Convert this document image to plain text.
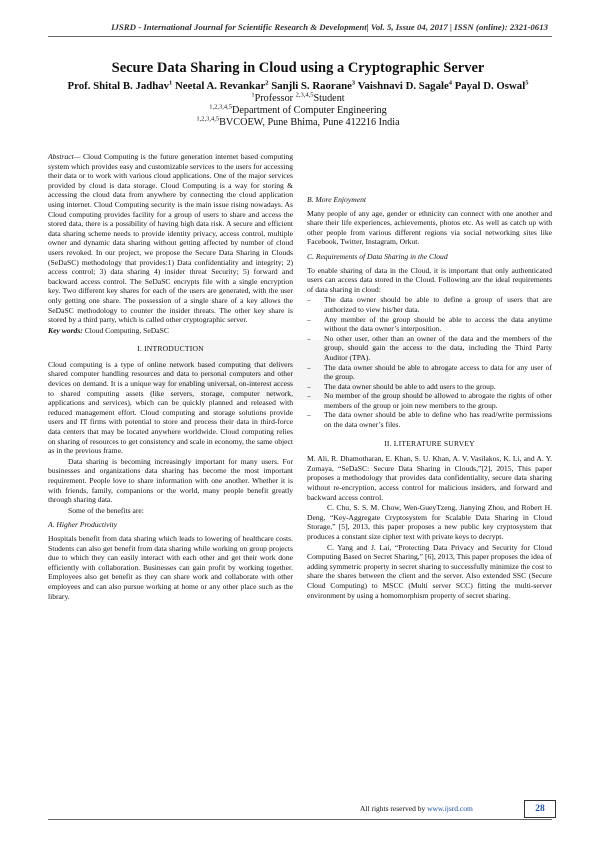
IJSRD - International Journal for Scientific Research & Development| Vol. 5, Issue 04, 2017 | ISSN (online): 2321-0613
Secure Data Sharing in Cloud using a Cryptographic Server

Prof. Shital B. Jadhav$^1$ Neetal A. Revankar$^2$ Sanjli S. Raorane$^3$ Vaishnavi D. Sagale$^4$ Payal D. Oswal$^5$

$^1$Professor $^{2,3,4,5}$Student

$^{1,2,3,4,5}$Department of Computer Engineering

$^{1,2,3,4,5}$BVCOEW, Pune Bhima, Pune 412216 India

Abstract— Cloud Computing is the future generation internet based computing system which provides easy and customizable services to the users for accessing their data or to work with various cloud applications. One of the major services provided by cloud is data storage. Cloud Computing is a way for storing & accessing the cloud data from anywhere by connecting the cloud application using internet. Cloud Computing security is the main issue rising nowadays. As Cloud computing provides facility for a group of users to share and access the stored data, there is a possibility of having high data risk. A secure and efficient data sharing scheme needs to provide identity privacy, access control, multiple owner and dynamic data sharing without getting affected by number of cloud users revoked. In our project, we propose the Secure Data Sharing in Clouds (SeDaSC) methodology that provides:1) Data confidentiality and integrity; 2) access control; 3) data sharing 4) insider threat Security; 5) forward and backward access control. The SeDaSC encrypts file with a single encryption key. Two different key shares for each of the users are generated, with the user only getting one share. The possession of a single share of a key allows the SeDaSC methodology to counter the insider threats. The other key share is stored by a third party, which is called other cryptographic server.

Key words: Cloud Computing, SeDaSC

I. INTRODUCTION

Cloud computing is a type of online network based computing that delivers shared computer handling resources and data to personal computers and other devices on demand. It is a unique way for enabling universal, on-interest access to shared computing assets (like servers, storage, computer network, applications and services), which can be quickly planned and released with reduced management effort. Cloud computing and storage solutions provide users and IT firms with potential to store and process their data in third-force data centers that may be located anywhere worldwide. Cloud computing relies on sharing of resources to get consistency and scale in economy, the same object as in the previous frame.

Data sharing is becoming increasingly important for many users. For businesses and organizations data sharing has become the most important requirement. People love to share information with one another. Whether it is with friends, family, companions or the world, many people benefit greatly through sharing data.

Some of the benefits are:

A. Higher Productivity

Hospitals benefit from data sharing which leads to lowering of healthcare costs. Students can also get benefit from data sharing while working on group projects due to which they can easily interact with each other and get their work done efficiently with collaboration. Businesses can gain profit by working together. Employees also get benefit as they can share work and collaborate with other employees and can also pursue working at home or any other place such as the library.

B. More Enjoyment

Many people of any age, gender or ethnicity can connect with one another and share their life experiences, achievements, photos etc. As well as catch up with other people from various different regions via social networking sites like Facebook, Twitter, Instagram, Orkut.

C. Requirements of Data Sharing in the Cloud

To enable sharing of data in the Cloud, it is important that only authenticated users can access data stored in the Cloud. Following are the ideal requirements of data sharing in cloud:

– The data owner should be able to define a group of users that are authorized to view his/her data.
– Any member of the group should be able to access the data anytime without the data owner’s interposition.
– No other user, other than an owner of the data and the members of the group, should gain the access to the data, including the Third Party Auditor (TPA).
– The data owner should be able to abrogate access to data for any user of the group.
– The data owner should be able to add users to the group.
– No member of the group should be allowed to abrogate the rights of other members of the group or join new members to the group.
– The data owner should be able to define who has read/write permissions on the data owner’s files.
II. LITERATURE SURVEY

M. Ali, R. Dhamotharan, E. Khan, S. U. Khan, A. V. Vasilakos, K. Li, and A. Y. Zomaya, “SeDaSC: Secure Data Sharing in Clouds,”[2], 2015, This paper proposes a methodology that provides data confidentiality, secure data sharing without re-encryption, access control for malicious insiders, and forward and backward access control.

C. Chu, S. S. M. Chow, Wen-GueyTzeng, Jianying Zhou, and Robert H. Deng, “Key-Aggregate Cryptosystem for Scalable Data Sharing in Cloud Storage,” [5], 2013, this paper proposes a new public key cryptosystem that produces a constant size cipher text with private keys to decrypt.

C. Yang and J. Lai, “Protecting Data Privacy and Security for Cloud Computing Based on Secret Sharing,” [6], 2013, This paper proposes the idea of adding symmetric property in secret sharing to successfully minimize the cost to share the shares between the client and the server. Also extended SSC (Secure Cloud Computing) to MSCC (Multi server SCC) fitting the multi-server environment by using a homomorphism property of secret sharing.

All rights reserved by www.ijsrd.com	28
